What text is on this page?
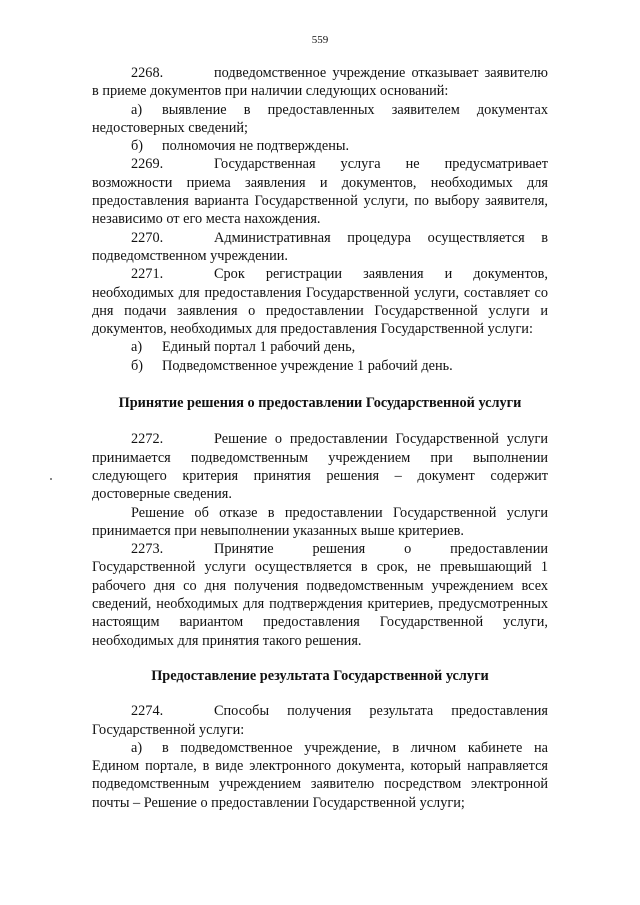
559

2268.	подведомственное учреждение отказывает заявителю в приеме документов при наличии следующих оснований:

а) выявление в предоставленных заявителем документах недостоверных сведений;

б) полномочия не подтверждены.

2269.	Государственная услуга не предусматривает возможности приема заявления и документов, необходимых для предоставления варианта Государственной услуги, по выбору заявителя, независимо от его места нахождения.

2270.	Административная процедура осуществляется в подведомственном учреждении.

2271.	Срок регистрации заявления и документов, необходимых для предоставления Государственной услуги, составляет со дня подачи заявления о предоставлении Государственной услуги и документов, необходимых для предоставления Государственной услуги:

а) Единый портал 1 рабочий день,

б) Подведомственное учреждение 1 рабочий день.

Принятие решения о предоставлении Государственной услуги

2272.	Решение о предоставлении Государственной услуги принимается подведомственным учреждением при выполнении следующего критерия принятия решения – документ содержит достоверные сведения.

Решение об отказе в предоставлении Государственной услуги принимается при невыполнении указанных выше критериев.

2273.	Принятие решения о предоставлении Государственной услуги осуществляется в срок, не превышающий 1 рабочего дня со дня получения подведомственным учреждением всех сведений, необходимых для подтверждения критериев, предусмотренных настоящим вариантом предоставления Государственной услуги, необходимых для принятия такого решения.

Предоставление результата Государственной услуги

2274.	Способы получения результата предоставления Государственной услуги:

а) в подведомственное учреждение, в личном кабинете на Едином портале, в виде электронного документа, который направляется подведомственным учреждением заявителю посредством электронной почты – Решение о предоставлении Государственной услуги;
